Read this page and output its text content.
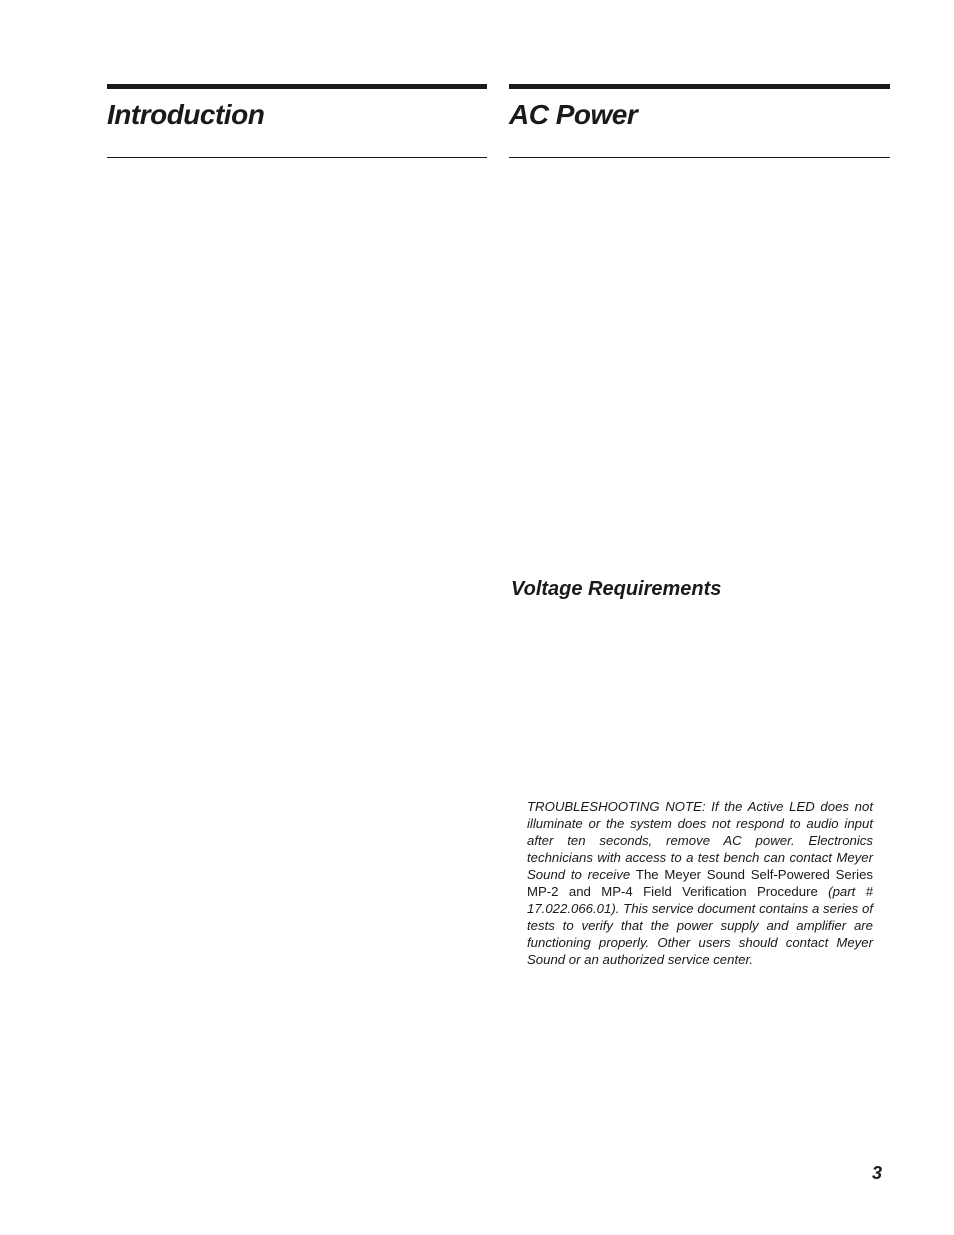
Introduction	AC Power
Voltage Requirements

TROUBLESHOOTING NOTE: If the Active LED does not illuminate or the system does not respond to audio input after ten seconds, remove AC power. Electronics technicians with access to a test bench can contact Meyer Sound to receive The Meyer Sound Self-Powered Series MP-2 and MP-4 Field Verification Procedure (part # 17.022.066.01). This service document contains a series of tests to verify that the power supply and amplifier are functioning properly. Other users should contact Meyer Sound or an authorized service center.

3
